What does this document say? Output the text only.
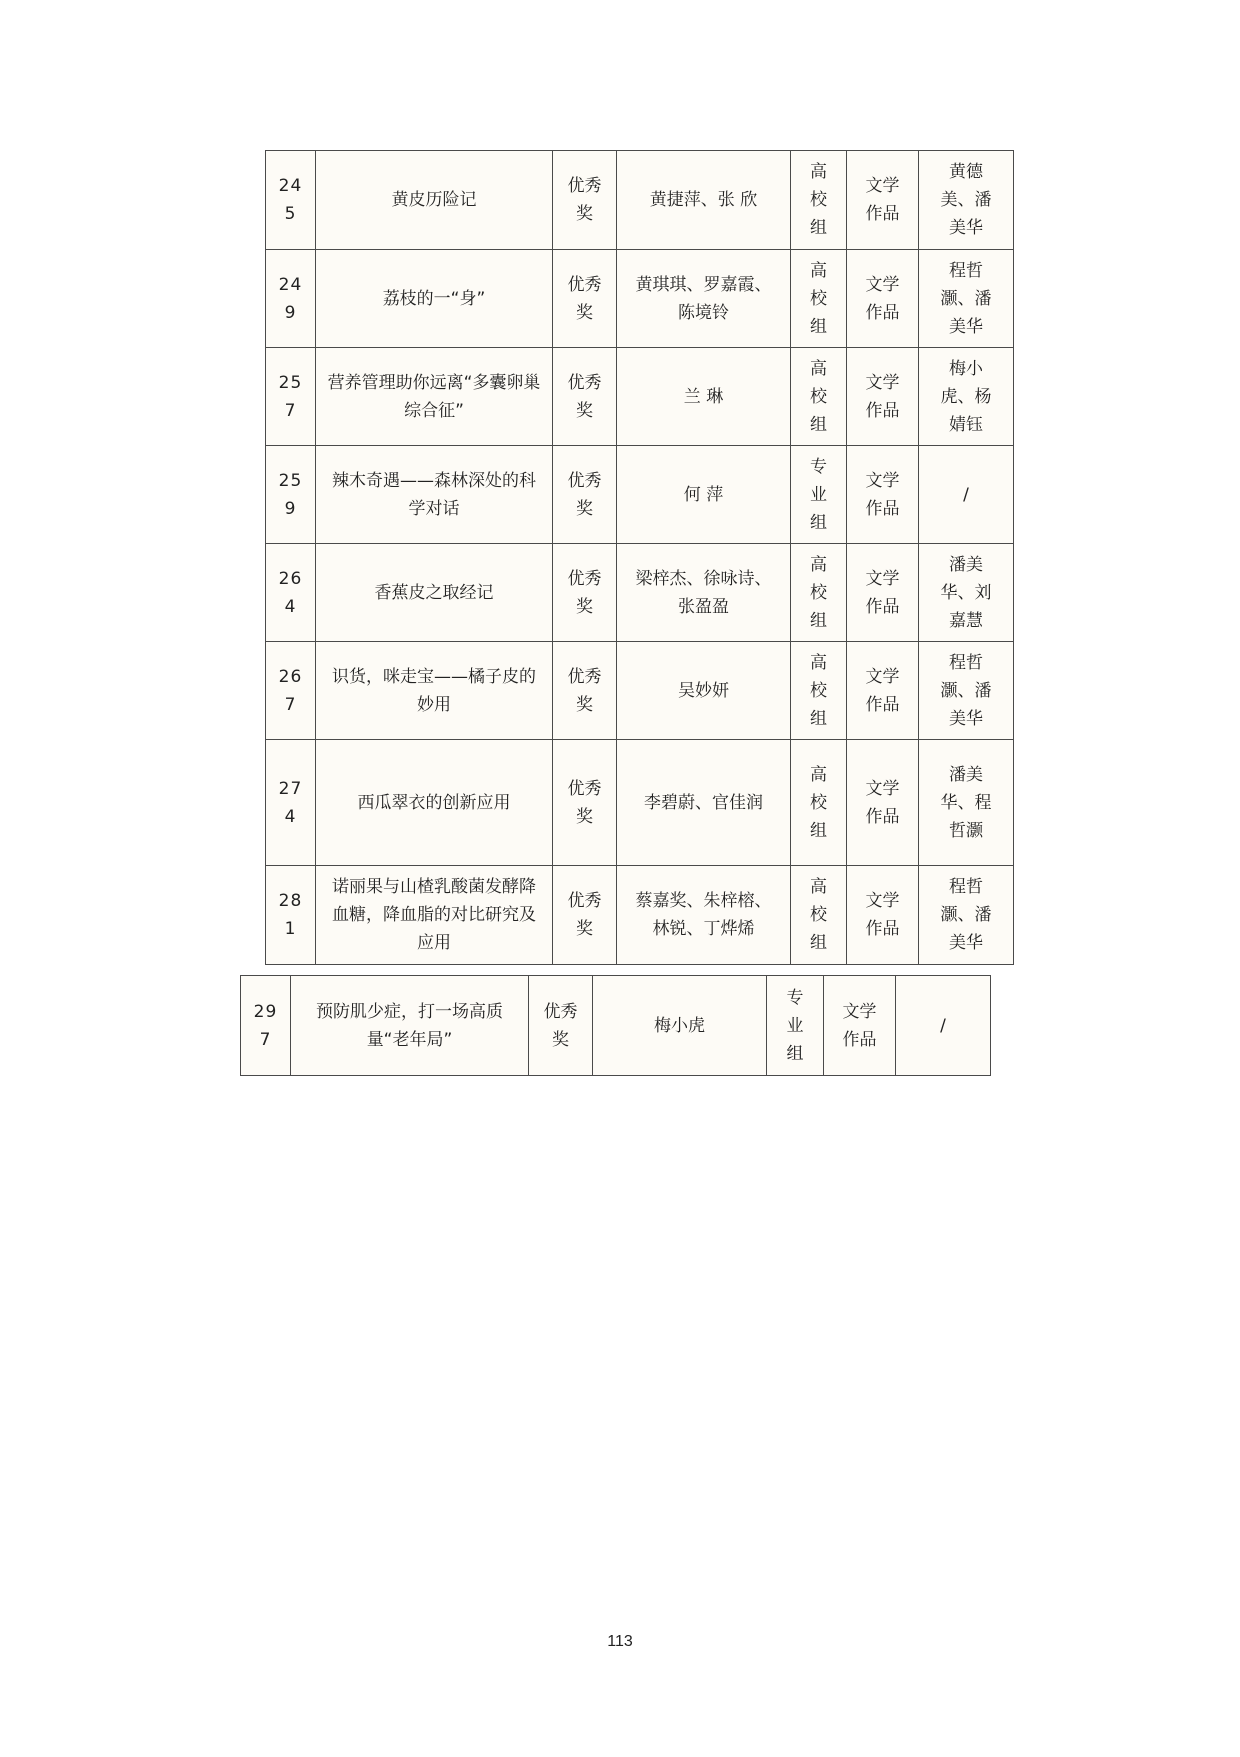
245	黄皮历险记	优秀奖	黄捷萍、张 欣	高校组	文学作品	黄德美、潘美华
249	荔枝的一“身”	优秀奖	黄琪琪、罗嘉霞、陈境铃	高校组	文学作品	程哲灏、潘美华
257	营养管理助你远离“多囊卵巢综合征”	优秀奖	兰 琳	高校组	文学作品	梅小虎、杨婧钰
259	辣木奇遇——森林深处的科学对话	优秀奖	何 萍	专业组	文学作品	/
264	香蕉皮之取经记	优秀奖	梁梓杰、徐咏诗、张盈盈	高校组	文学作品	潘美华、刘嘉慧
267	识货，咪走宝——橘子皮的妙用	优秀奖	吴妙妍	高校组	文学作品	程哲灏、潘美华
274	西瓜翠衣的创新应用	优秀奖	李碧蔚、官佳润	高校组	文学作品	潘美华、程哲灏
281	诺丽果与山楂乳酸菌发酵降血糖，降血脂的对比研究及应用	优秀奖	蔡嘉奖、朱梓榕、林锐、丁烨烯	高校组	文学作品	程哲灏、潘美华
297	预防肌少症，打一场高质量“老年局”	优秀奖	梅小虎	专业组	文学作品	/
113
